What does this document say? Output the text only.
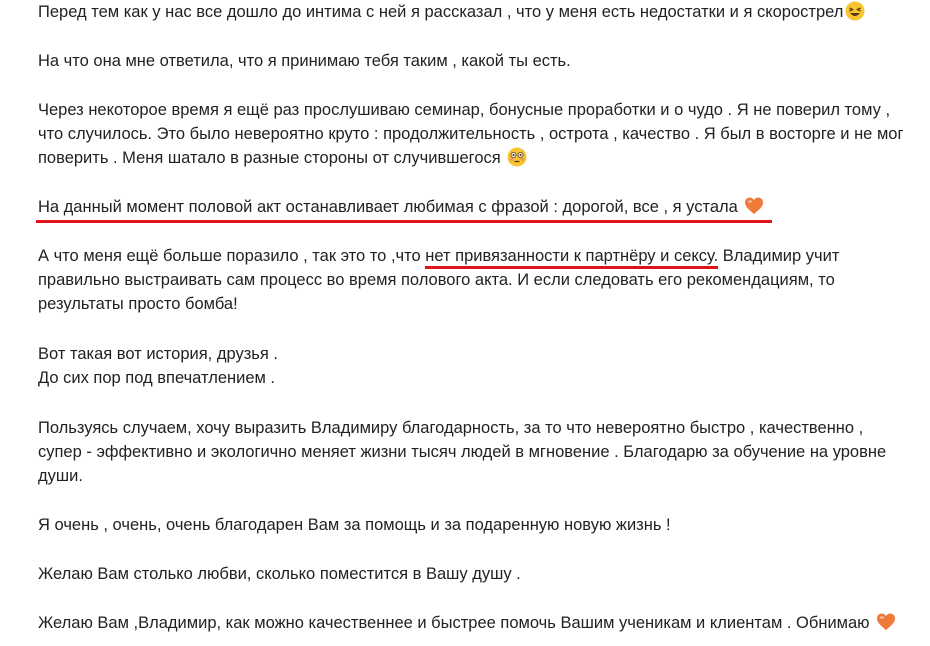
Перед тем как у нас все дошло до интима с ней я рассказал , что у меня есть недостатки и я скорострел
На что она мне ответила, что я принимаю тебя таким , какой ты есть.
Через некоторое время я ещё раз прослушиваю семинар, бонусные проработки и о чудо . Я не поверил тому ,
что случилось. Это было невероятно круто : продолжительность , острота , качество . Я был в восторге и не мог
поверить . Меня шатало в разные стороны от случившегося
На данный момент половой акт останавливает любимая с фразой : дорогой, все , я устала
А что меня ещё больше поразило , так это то ,что нет привязанности к партнёру и сексу. Владимир учит
правильно выстраивать сам процесс во время полового акта. И если следовать его рекомендациям, то
результаты просто бомба!
Вот такая вот история, друзья .
До сих пор под впечатлением .
Пользуясь случаем, хочу выразить Владимиру благодарность, за то что невероятно быстро , качественно ,
супер - эффективно и экологично меняет жизни тысяч людей в мгновение . Благодарю за обучение на уровне
души.
Я очень , очень, очень благодарен Вам за помощь и за подаренную новую жизнь !
Желаю Вам столько любви, сколько поместится в Вашу душу .
Желаю Вам ,Владимир, как можно качественнее и быстрее помочь Вашим ученикам и клиентам . Обнимаю
